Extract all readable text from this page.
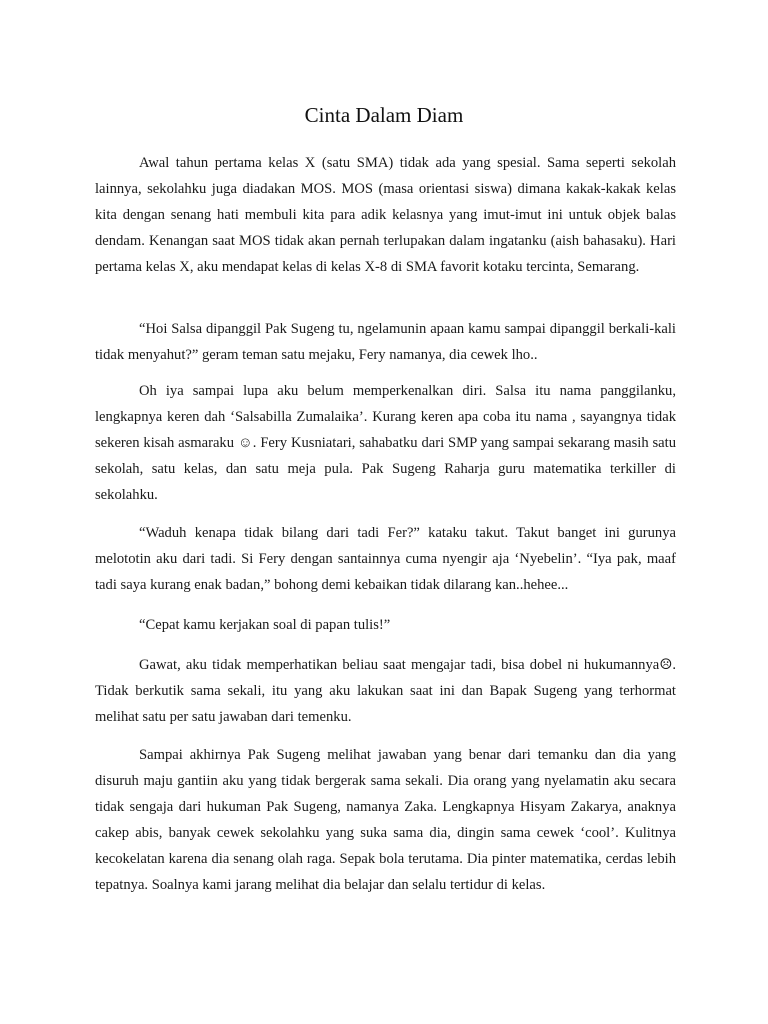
Cinta Dalam Diam

Awal tahun pertama kelas X (satu SMA) tidak ada yang spesial. Sama seperti sekolah lainnya, sekolahku juga diadakan MOS. MOS (masa orientasi siswa) dimana kakak-kakak kelas kita dengan senang hati membuli kita para adik kelasnya yang imut-imut ini untuk objek balas dendam. Kenangan saat MOS tidak akan pernah terlupakan dalam ingatanku (aish bahasaku). Hari pertama kelas X, aku mendapat kelas di kelas X-8 di SMA favorit kotaku tercinta, Semarang.

“Hoi Salsa dipanggil Pak Sugeng tu, ngelamunin apaan kamu sampai dipanggil berkali-kali tidak menyahut?” geram teman satu mejaku, Fery namanya, dia cewek lho..

Oh iya sampai lupa aku belum memperkenalkan diri. Salsa itu nama panggilanku, lengkapnya keren dah ‘Salsabilla Zumalaika’. Kurang keren apa coba itu nama , sayangnya tidak sekeren kisah asmaraku ☺. Fery Kusniatari, sahabatku dari SMP yang sampai sekarang masih satu sekolah, satu kelas, dan satu meja pula. Pak Sugeng Raharja guru matematika terkiller di sekolahku.

“Waduh kenapa tidak bilang dari tadi Fer?” kataku takut. Takut banget ini gurunya melototin aku dari tadi. Si Fery dengan santainnya cuma nyengir aja ‘Nyebelin’. “Iya pak, maaf tadi saya kurang enak badan,” bohong demi kebaikan tidak dilarang kan..hehee...

“Cepat kamu kerjakan soal di papan tulis!”

Gawat, aku tidak memperhatikan beliau saat mengajar tadi, bisa dobel ni hukumannya☹. Tidak berkutik sama sekali, itu yang aku lakukan saat ini dan Bapak Sugeng yang terhormat melihat satu per satu jawaban dari temenku.

Sampai akhirnya Pak Sugeng melihat jawaban yang benar dari temanku dan dia yang disuruh maju gantiin aku yang tidak bergerak sama sekali. Dia orang yang nyelamatin aku secara tidak sengaja dari hukuman Pak Sugeng, namanya Zaka. Lengkapnya Hisyam Zakarya, anaknya cakep abis, banyak cewek sekolahku yang suka sama dia, dingin sama cewek ‘cool’. Kulitnya kecokelatan karena dia senang olah raga. Sepak bola terutama. Dia pinter matematika, cerdas lebih tepatnya. Soalnya kami jarang melihat dia belajar dan selalu tertidur di kelas.
